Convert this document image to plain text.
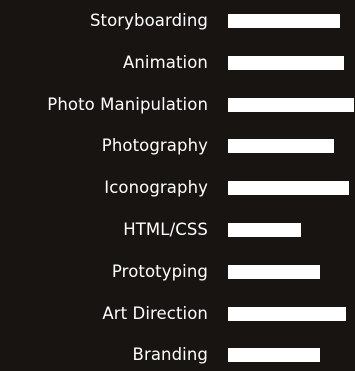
Storyboarding
Animation
Photo Manipulation
Photography
Iconography
HTML/CSS
Prototyping
Art Direction
Branding
